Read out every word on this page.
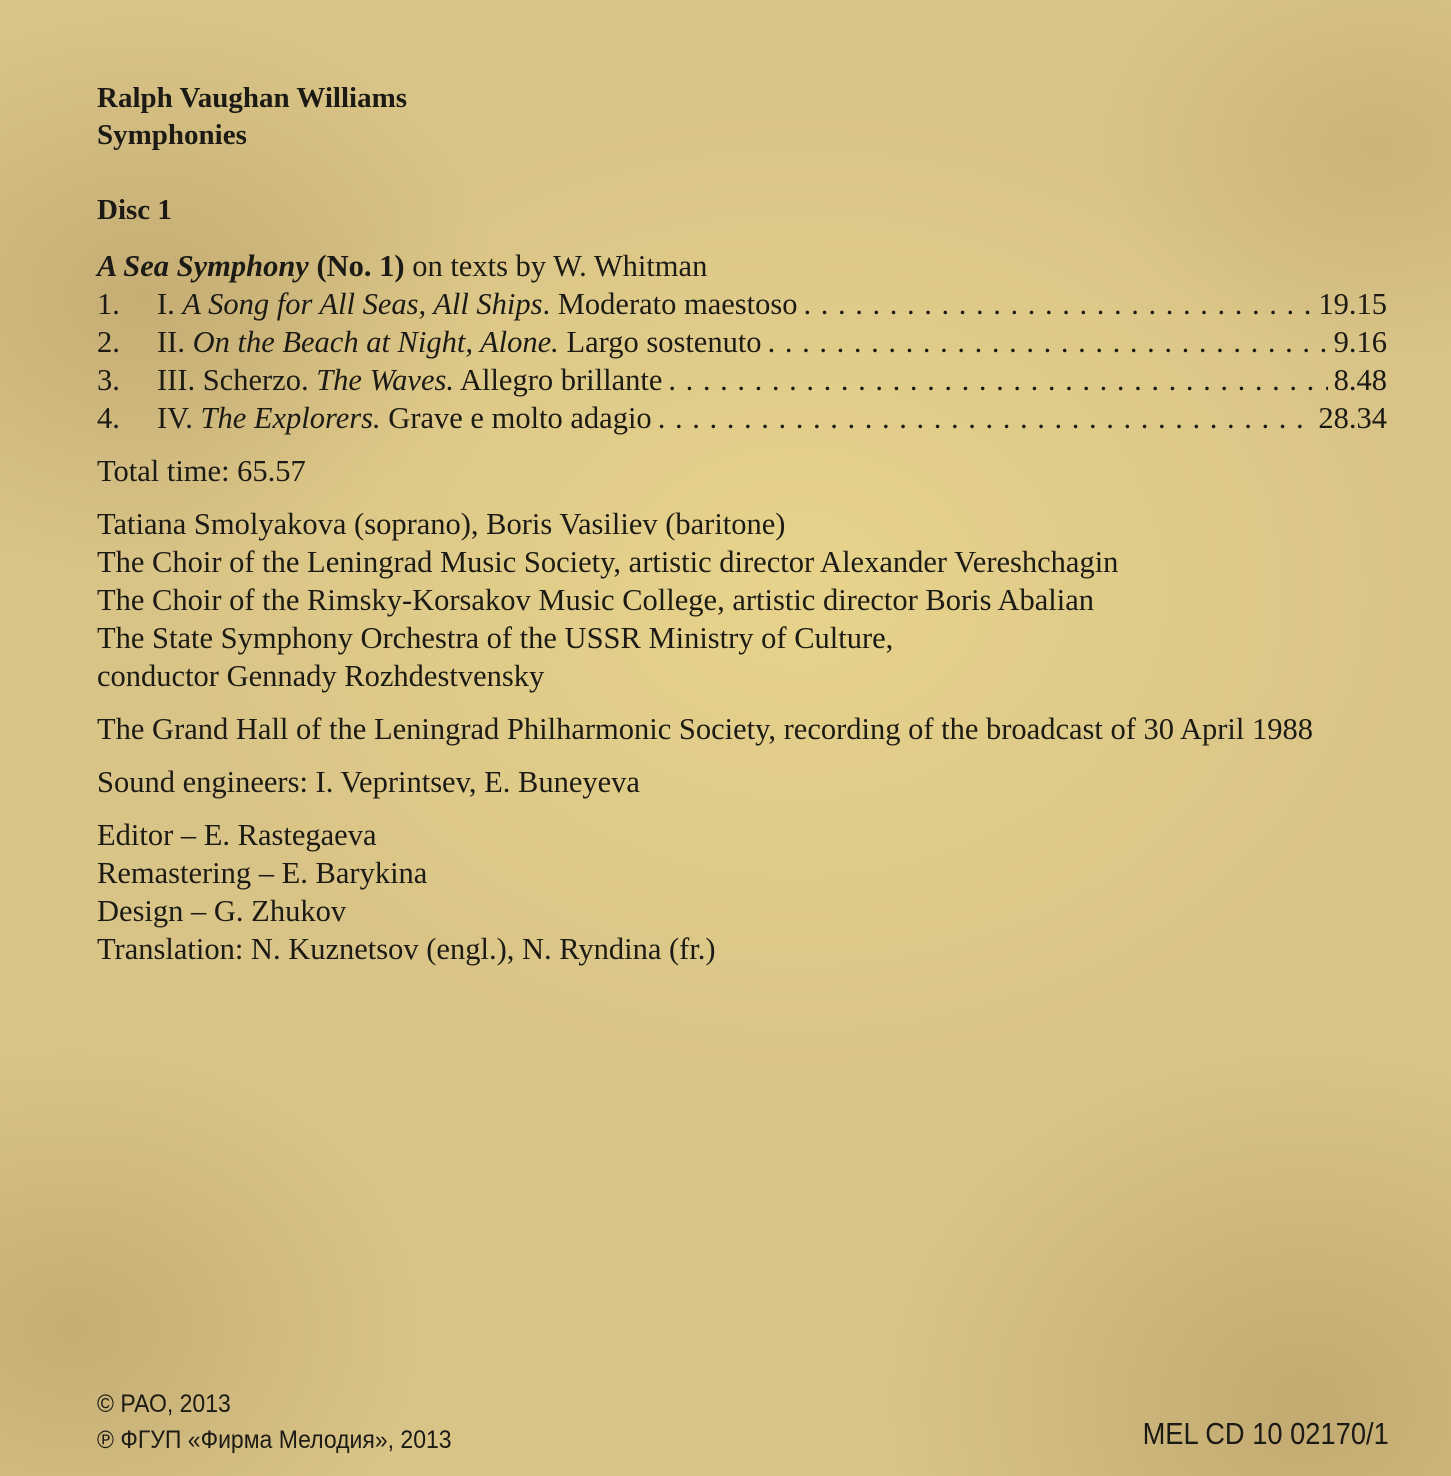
Ralph Vaughan Williams
Symphonies
Disc 1
A Sea Symphony (No. 1) on texts by W. Whitman
1.	I. A Song for All Seas, All Ships. Moderato maestoso . . .	19.15
2.	II. On the Beach at Night, Alone. Largo sostenuto . . .	9.16
3.	III. Scherzo. The Waves. Allegro brillante . . .	8.48
4.	IV. The Explorers. Grave e molto adagio . . .	28.34
Total time: 65.57
Tatiana Smolyakova (soprano), Boris Vasiliev (baritone)
The Choir of the Leningrad Music Society, artistic director Alexander Vereshchagin
The Choir of the Rimsky-Korsakov Music College, artistic director Boris Abalian
The State Symphony Orchestra of the USSR Ministry of Culture,
conductor Gennady Rozhdestvensky
The Grand Hall of the Leningrad Philharmonic Society, recording of the broadcast of 30 April 1988
Sound engineers: I. Veprintsev, E. Buneyeva
Editor – E. Rastegaeva
Remastering – E. Barykina
Design – G. Zhukov
Translation: N. Kuznetsov (engl.), N. Ryndina (fr.)
© РАО, 2013
℗ ФГУП «Фирма Мелодия», 2013	MEL CD 10 02170/1
